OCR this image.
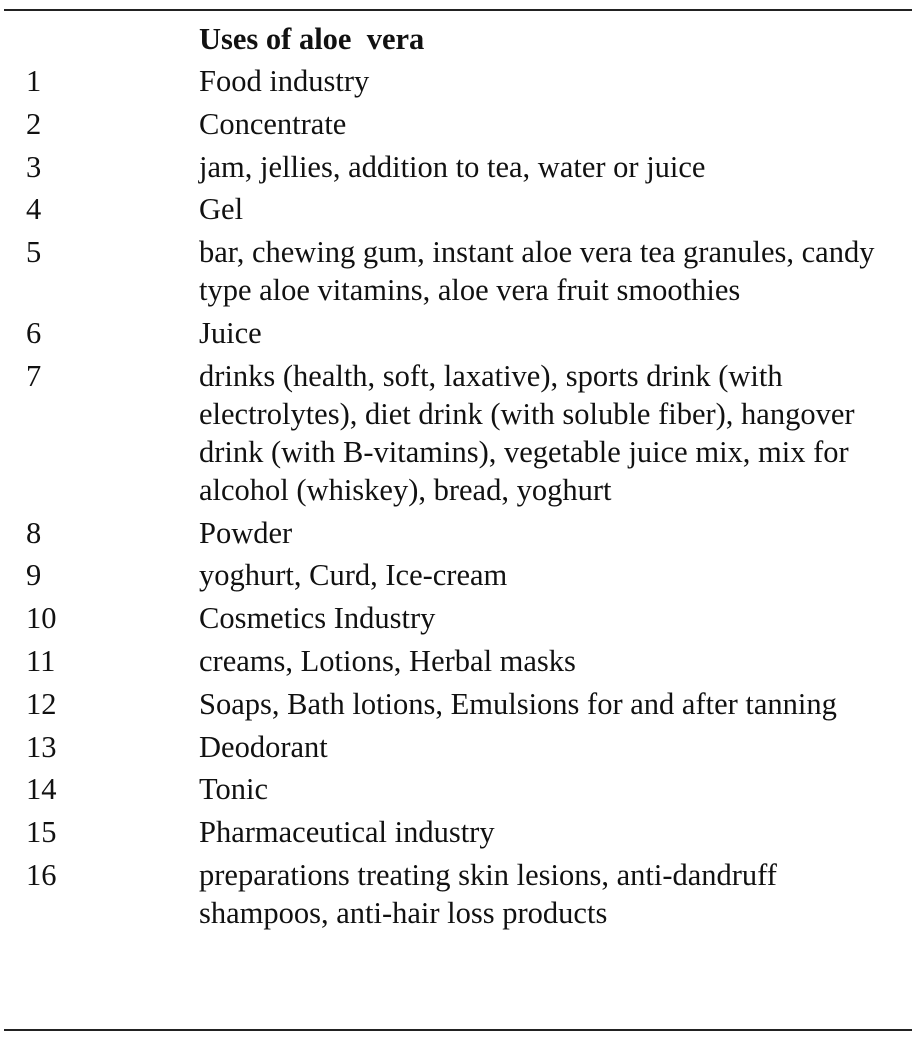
	Uses of aloe  vera
1	Food industry
2	Concentrate
3	jam, jellies, addition to tea, water or juice
4	Gel
5	bar, chewing gum, instant aloe vera tea granules, candy type aloe vitamins, aloe vera fruit smoothies
6	Juice
7	drinks (health, soft, laxative), sports drink (with electrolytes), diet drink (with soluble fiber), hangover drink (with B-vitamins), vegetable juice mix, mix for alcohol (whiskey), bread, yoghurt
8	Powder
9	yoghurt, Curd, Ice-cream
10	Cosmetics Industry
11	creams, Lotions, Herbal masks
12	Soaps, Bath lotions, Emulsions for and after tanning
13	Deodorant
14	Tonic
15	Pharmaceutical industry
16	preparations treating skin lesions, anti-dandruff shampoos, anti-hair loss products
